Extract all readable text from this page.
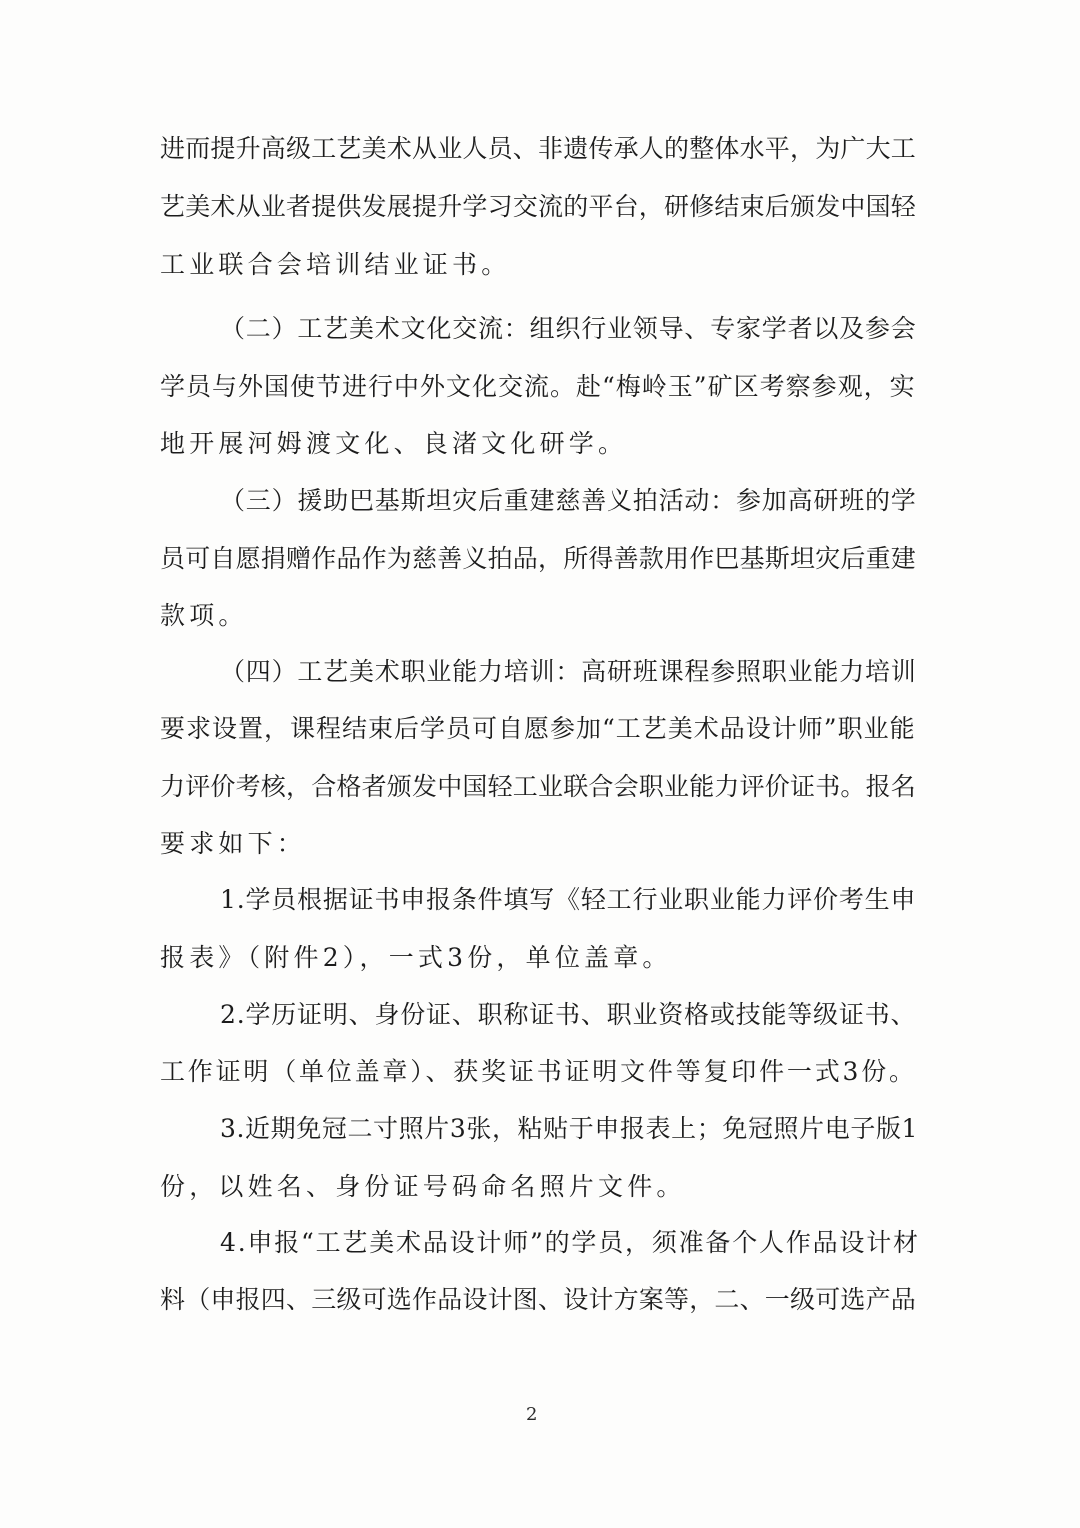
进而提升高级工艺美术从业人员、非遗传承人的整体水平，为广大工
艺美术从业者提供发展提升学习交流的平台，研修结束后颁发中国轻
工业联合会培训结业证书。
（二）工艺美术文化交流：组织行业领导、专家学者以及参会
学员与外国使节进行中外文化交流。赴“梅岭玉”矿区考察参观，实
地开展河姆渡文化、良渚文化研学。
（三）援助巴基斯坦灾后重建慈善义拍活动：参加高研班的学
员可自愿捐赠作品作为慈善义拍品，所得善款用作巴基斯坦灾后重建
款项。
（四）工艺美术职业能力培训：高研班课程参照职业能力培训
要求设置，课程结束后学员可自愿参加“工艺美术品设计师”职业能
力评价考核，合格者颁发中国轻工业联合会职业能力评价证书。报名
要求如下：
1.学员根据证书申报条件填写《轻工行业职业能力评价考生申
报表》（附件2），一式3份，单位盖章。
2.学历证明、身份证、职称证书、职业资格或技能等级证书、
工作证明（单位盖章）、获奖证书证明文件等复印件一式3份。
3.近期免冠二寸照片3张，粘贴于申报表上；免冠照片电子版1
份，以姓名、身份证号码命名照片文件。
4.申报“工艺美术品设计师”的学员，须准备个人作品设计材
料（申报四、三级可选作品设计图、设计方案等，二、一级可选产品
2
